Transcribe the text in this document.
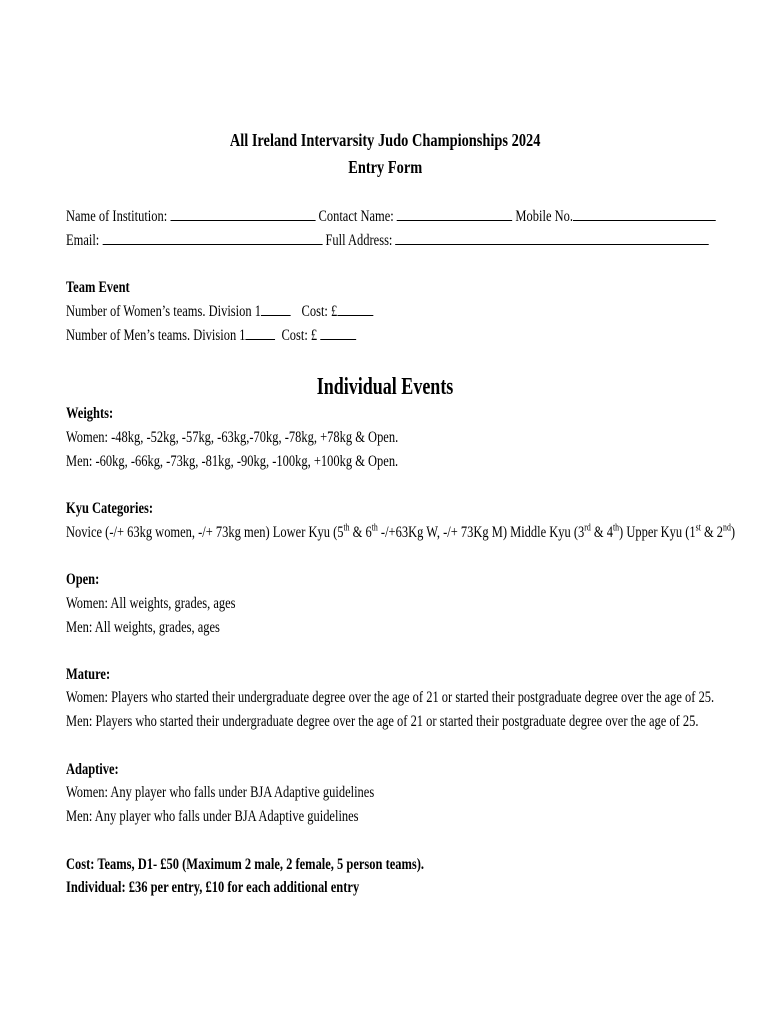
All Ireland Intervarsity Judo Championships 2024
Entry Form
Name of Institution:	Contact Name:	Mobile No.
Email:	Full Address:
Team Event
Number of Women’s teams. Division 1	Cost: £
Number of Men’s teams. Division 1 Cost: £
Individual Events
Weights:
Women: -48kg, -52kg, -57kg, -63kg,-70kg, -78kg, +78kg & Open.
Men: -60kg, -66kg, -73kg, -81kg, -90kg, -100kg, +100kg & Open.
Kyu Categories:
Novice (-/+ 63kg women, -/+ 73kg men) Lower Kyu (5th & 6th -/+63Kg W, -/+ 73Kg M) Middle Kyu (3rd & 4th) Upper Kyu (1st & 2nd)
Open:
Women: All weights, grades, ages
Men: All weights, grades, ages
Mature:
Women: Players who started their undergraduate degree over the age of 21 or started their postgraduate degree over the age of 25.
Men: Players who started their undergraduate degree over the age of 21 or started their postgraduate degree over the age of 25.
Adaptive:
Women: Any player who falls under BJA Adaptive guidelines
Men: Any player who falls under BJA Adaptive guidelines
Cost: Teams, D1- £50 (Maximum 2 male, 2 female, 5 person teams).
Individual: £36 per entry, £10 for each additional entry
